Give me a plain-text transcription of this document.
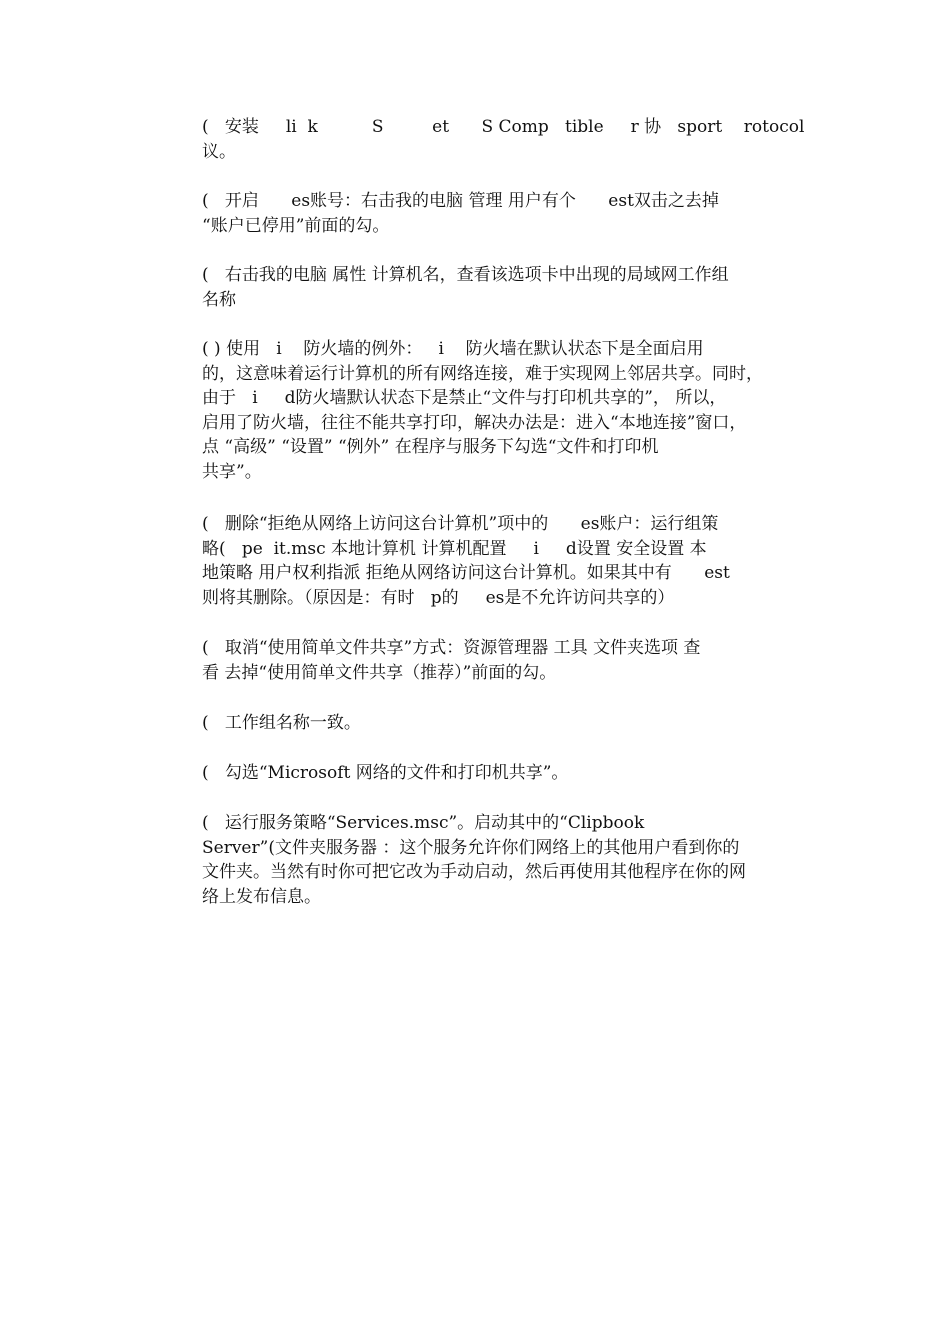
(   安装     li  k          S         et      S Comp   tible     r 协   sport    rotocol
议。

(   开启      es账号：右击我的电脑 管理 用户有个      est双击之去掉
“账户已停用”前面的勾。

(   右击我的电脑 属性 计算机名，查看该选项卡中出现的局域网工作组
名称

( ) 使用   i    防火墙的例外：   i    防火墙在默认状态下是全面启用
的，这意味着运行计算机的所有网络连接，难于实现网上邻居共享。同时，
由于   i     d防火墙默认状态下是禁止“文件与打印机共享的”， 所以，
启用了防火墙，往往不能共享打印，解决办法是：进入“本地连接”窗口，
点 “高级” “设置” “例外” 在程序与服务下勾选“文件和打印机
共享”。

(   删除“拒绝从网络上访问这台计算机”项中的      es账户：运行组策
略(   pe  it.msc 本地计算机 计算机配置     i     d设置 安全设置 本
地策略 用户权利指派 拒绝从网络访问这台计算机。如果其中有      est
则将其删除。（原因是：有时   p的     es是不允许访问共享的）

(   取消“使用简单文件共享”方式：资源管理器 工具 文件夹选项 查
看 去掉“使用简单文件共享（推荐）”前面的勾。

(   工作组名称一致。

(   勾选“Microsoft 网络的文件和打印机共享”。

(   运行服务策略“Services.msc”。启动其中的“Clipbook
Server”(文件夹服务器 ：这个服务允许你们网络上的其他用户看到你的
文件夹。当然有时你可把它改为手动启动，然后再使用其他程序在你的网
络上发布信息。
